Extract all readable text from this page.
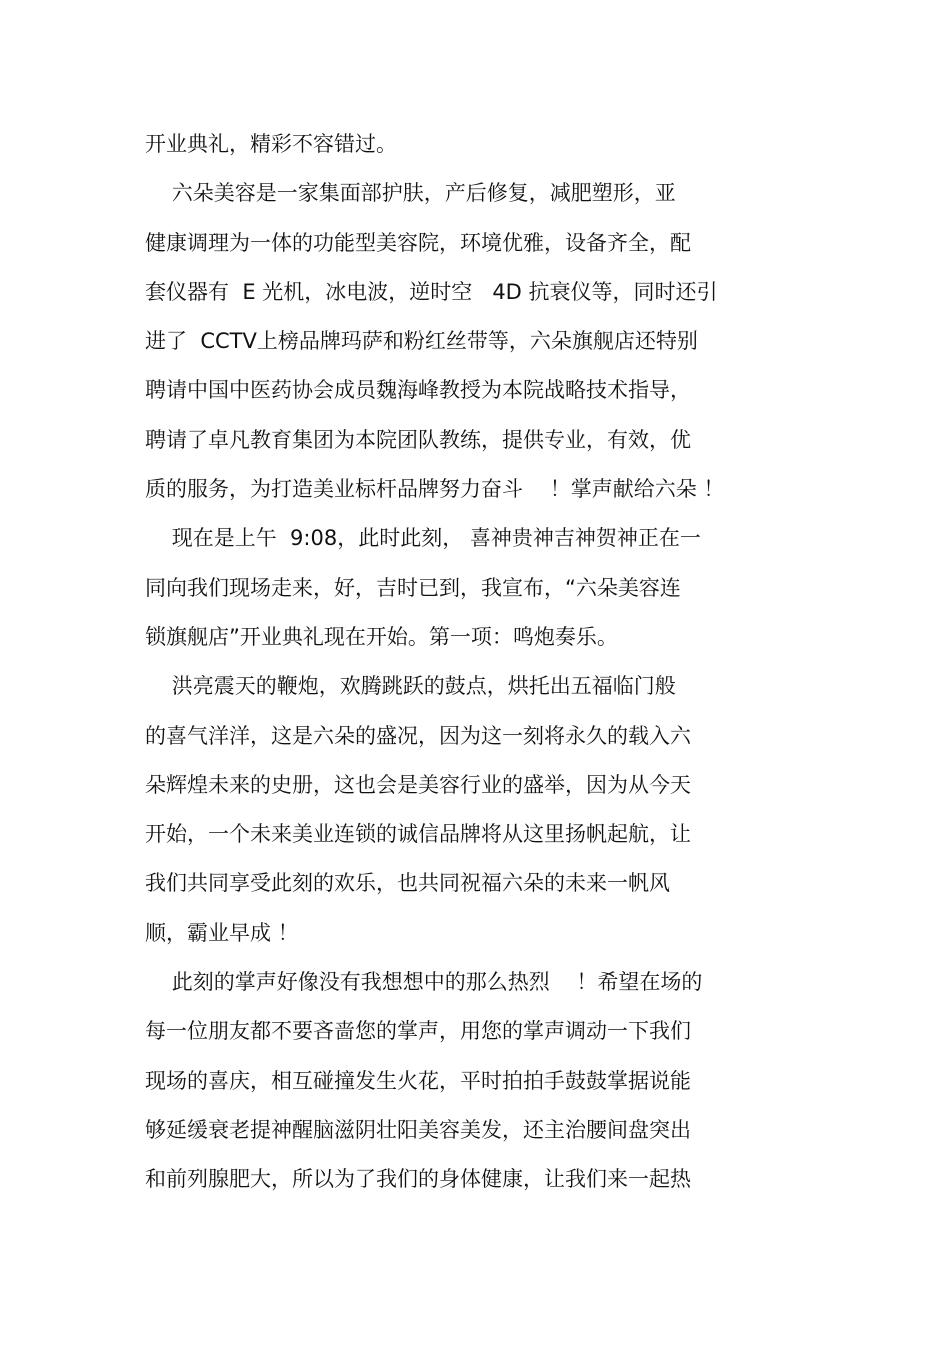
开业典礼，精彩不容错过。
六朵美容是一家集面部护肤，产后修复，减肥塑形，亚
健康调理为一体的功能型美容院，环境优雅，设备齐全，配
套仪器有  E 光机，冰电波，逆时空   4D 抗衰仪等，同时还引
进了  CCTV上榜品牌玛萨和粉红丝带等，六朵旗舰店还特别
聘请中国中医药协会成员魏海峰教授为本院战略技术指导，
聘请了卓凡教育集团为本院团队教练，提供专业，有效，优
质的服务，为打造美业标杆品牌努力奋斗    ！掌声献给六朵 ！
现在是上午  9:08，此时此刻， 喜神贵神吉神贺神正在一
同向我们现场走来，好，吉时已到，我宣布，“六朵美容连
锁旗舰店”开业典礼现在开始。第一项：鸣炮奏乐。
洪亮震天的鞭炮，欢腾跳跃的鼓点，烘托出五福临门般
的喜气洋洋，这是六朵的盛况，因为这一刻将永久的载入六
朵辉煌未来的史册，这也会是美容行业的盛举，因为从今天
开始，一个未来美业连锁的诚信品牌将从这里扬帆起航，让
我们共同享受此刻的欢乐，也共同祝福六朵的未来一帆风
顺，霸业早成 ！
此刻的掌声好像没有我想想中的那么热烈    ！希望在场的
每一位朋友都不要吝啬您的掌声，用您的掌声调动一下我们
现场的喜庆，相互碰撞发生火花，平时拍拍手鼓鼓掌据说能
够延缓衰老提神醒脑滋阴壮阳美容美发，还主治腰间盘突出
和前列腺肥大，所以为了我们的身体健康，让我们来一起热
